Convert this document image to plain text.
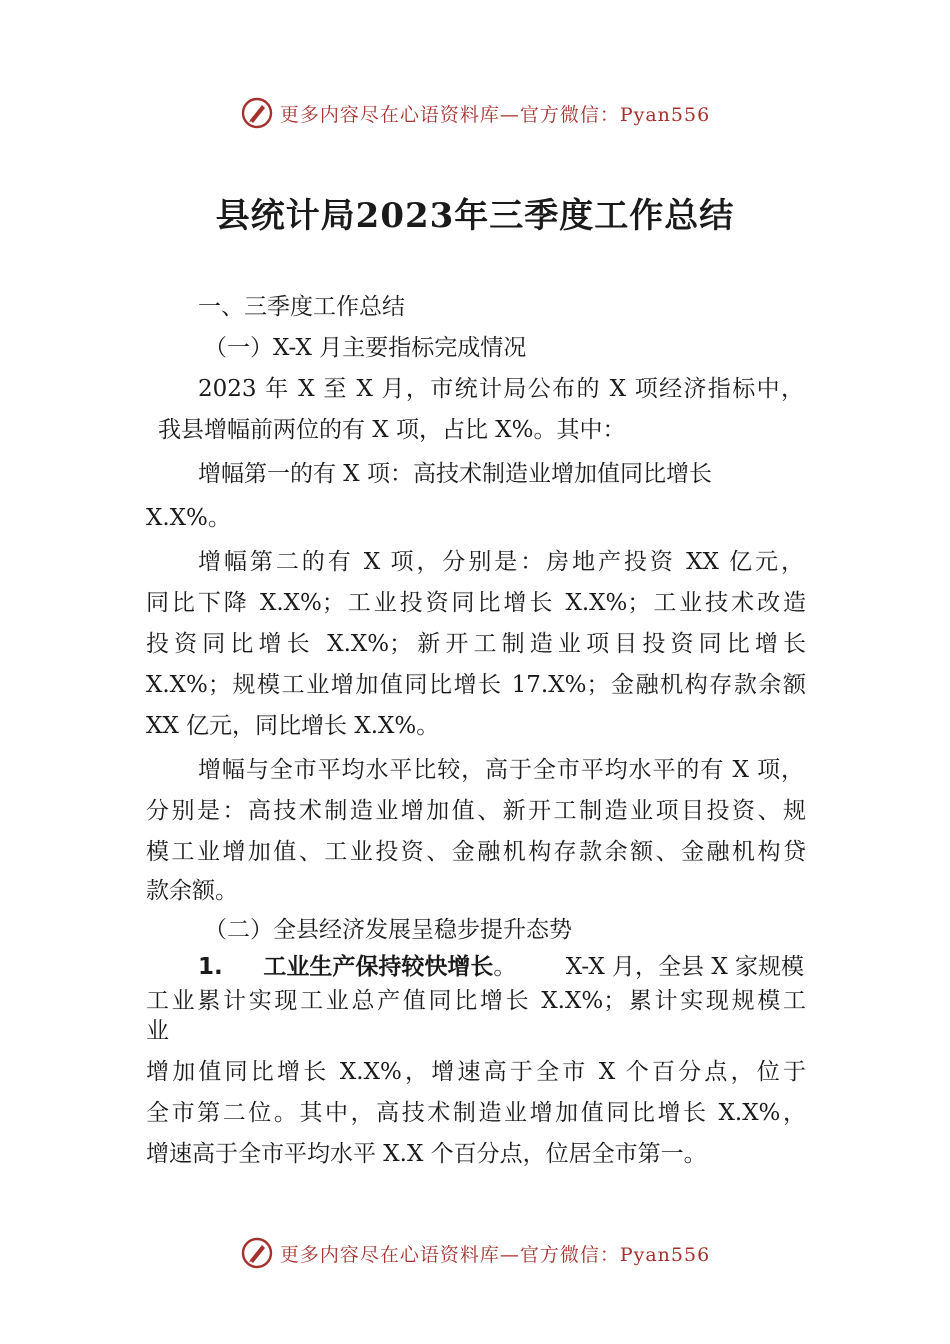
更多内容尽在心语资料库—官方微信：Pyan556
县统计局2023年三季度工作总结

一、三季度工作总结

（一）X-X 月主要指标完成情况

2023 年 X 至 X 月，市统计局公布的 X 项经济指标中，

我县增幅前两位的有 X 项，占比 X%。其中：

增幅第一的有 X 项：高技术制造业增加值同比增长

X.X%。

增幅第二的有 X 项，分别是：房地产投资 XX 亿元，

同比下降 X.X%；工业投资同比增长 X.X%；工业技术改造

投资同比增长 X.X%；新开工制造业项目投资同比增长

X.X%；规模工业增加值同比增长 17.X%；金融机构存款余额

XX 亿元，同比增长 X.X%。

增幅与全市平均水平比较，高于全市平均水平的有 X 项，

分别是：高技术制造业增加值、新开工制造业项目投资、规

模工业增加值、工业投资、金融机构存款余额、金融机构贷

款余额。

（二）全县经济发展呈稳步提升态势

1. 工业生产保持较快增长。 X-X 月，全县 X 家规模

工业累计实现工业总产值同比增长 X.X%；累计实现规模工

业

增加值同比增长 X.X%，增速高于全市 X 个百分点，位于

全市第二位。其中，高技术制造业增加值同比增长 X.X%，

增速高于全市平均水平 X.X 个百分点，位居全市第一。

更多内容尽在心语资料库—官方微信：Pyan556
